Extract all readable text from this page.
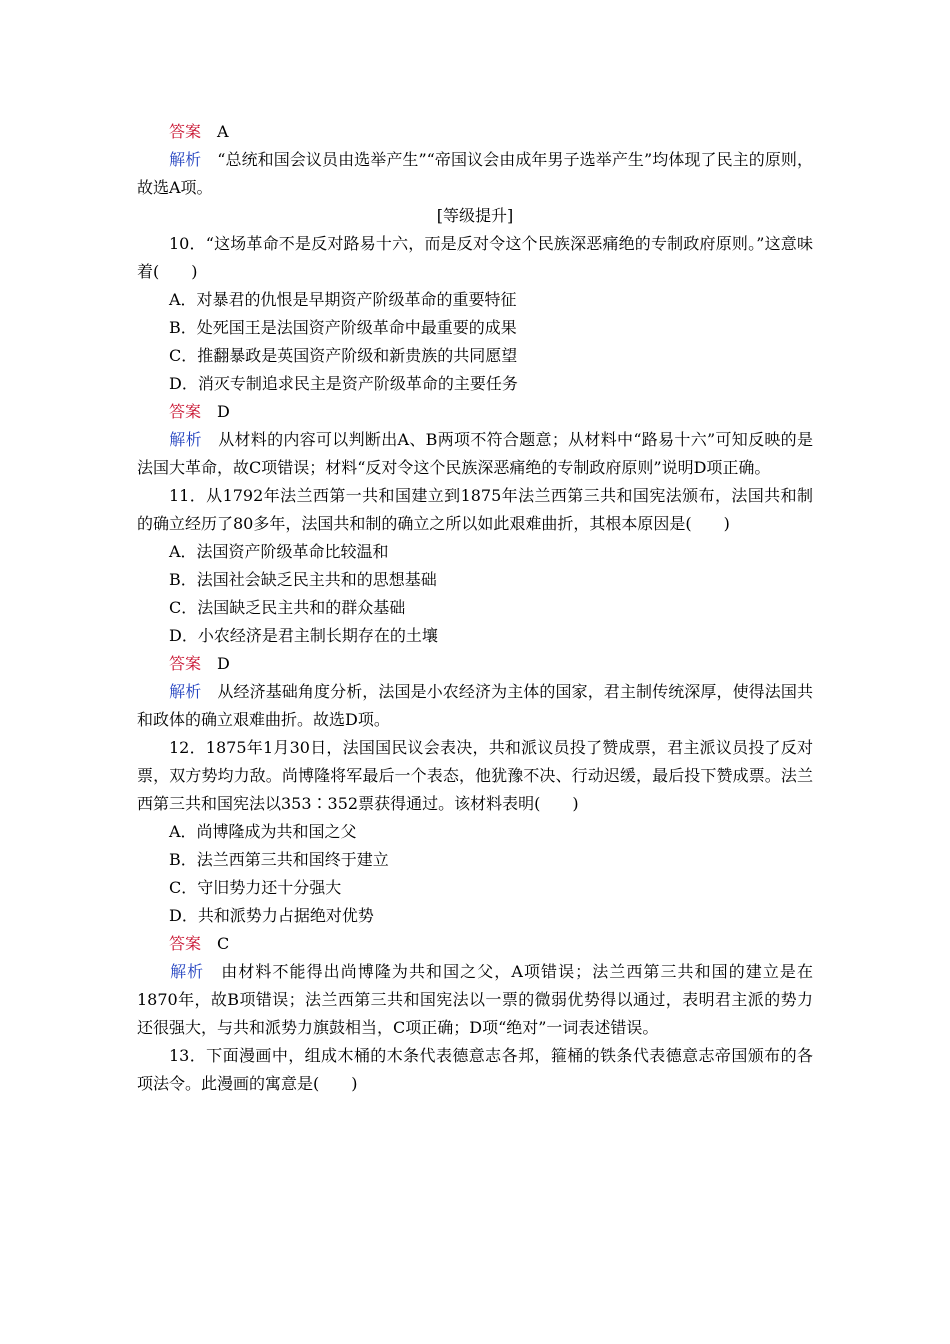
答案 A

解析 “总统和国会议员由选举产生”“帝国议会由成年男子选举产生”均体现了民主的原则，故选A项。

[等级提升]

10．“这场革命不是反对路易十六，而是反对令这个民族深恶痛绝的专制政府原则。”这意味着(　　)

A．对暴君的仇恨是早期资产阶级革命的重要特征
B．处死国王是法国资产阶级革命中最重要的成果
C．推翻暴政是英国资产阶级和新贵族的共同愿望
D．消灭专制追求民主是资产阶级革命的主要任务
答案 D

解析 从材料的内容可以判断出A、B两项不符合题意；从材料中“路易十六”可知反映的是法国大革命，故C项错误；材料“反对令这个民族深恶痛绝的专制政府原则”说明D项正确。

11．从1792年法兰西第一共和国建立到1875年法兰西第三共和国宪法颁布，法国共和制的确立经历了80多年，法国共和制的确立之所以如此艰难曲折，其根本原因是(　　)

A．法国资产阶级革命比较温和
B．法国社会缺乏民主共和的思想基础
C．法国缺乏民主共和的群众基础
D．小农经济是君主制长期存在的土壤
答案 D

解析 从经济基础角度分析，法国是小农经济为主体的国家，君主制传统深厚，使得法国共和政体的确立艰难曲折。故选D项。

12．1875年1月30日，法国国民议会表决，共和派议员投了赞成票，君主派议员投了反对票，双方势均力敌。尚博隆将军最后一个表态，他犹豫不决、行动迟缓，最后投下赞成票。法兰西第三共和国宪法以353∶352票获得通过。该材料表明(　　)

A．尚博隆成为共和国之父
B．法兰西第三共和国终于建立
C．守旧势力还十分强大
D．共和派势力占据绝对优势
答案 C

解析 由材料不能得出尚博隆为共和国之父，A项错误；法兰西第三共和国的建立是在1870年，故B项错误；法兰西第三共和国宪法以一票的微弱优势得以通过，表明君主派的势力还很强大，与共和派势力旗鼓相当，C项正确；D项“绝对”一词表述错误。

13．下面漫画中，组成木桶的木条代表德意志各邦，箍桶的铁条代表德意志帝国颁布的各项法令。此漫画的寓意是(　　)
